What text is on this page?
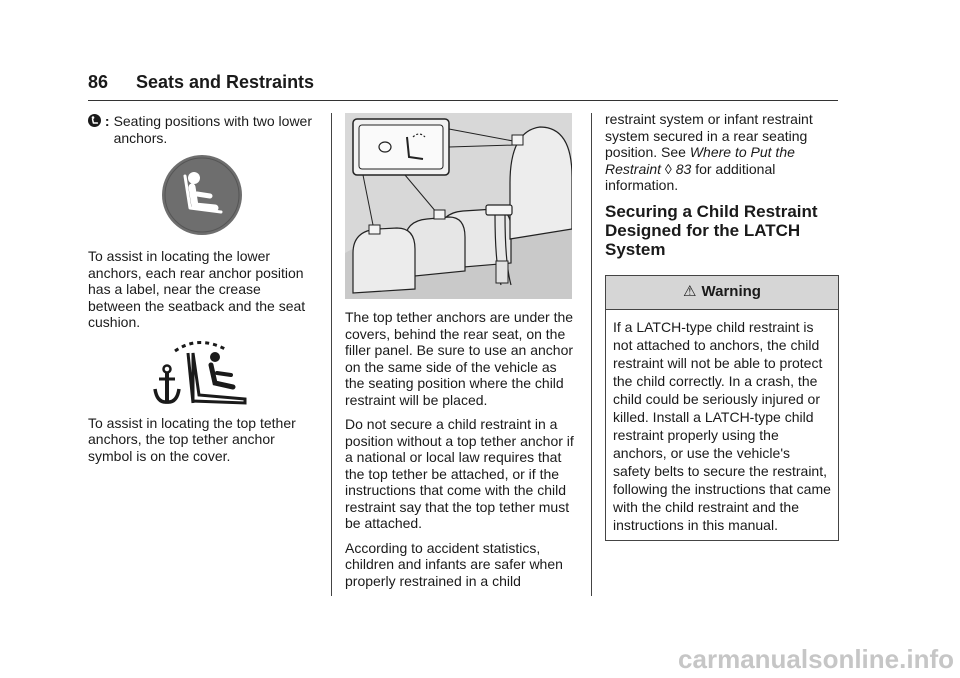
86 Seats and Restraints
: Seating positions with two lower anchors.

To assist in locating the lower anchors, each rear anchor position has a label, near the crease between the seatback and the seat cushion.

To assist in locating the top tether anchors, the top tether anchor symbol is on the cover.

The top tether anchors are under the covers, behind the rear seat, on the filler panel. Be sure to use an anchor on the same side of the vehicle as the seating position where the child restraint will be placed.

Do not secure a child restraint in a position without a top tether anchor if a national or local law requires that the top tether be attached, or if the instructions that come with the child restraint say that the top tether must be attached.

According to accident statistics, children and infants are safer when properly restrained in a child

restraint system or infant restraint system secured in a rear seating position. See Where to Put the Restraint ◊ 83 for additional information.

Securing a Child Restraint Designed for the LATCH System
⚠ Warning
If a LATCH-type child restraint is not attached to anchors, the child restraint will not be able to protect the child correctly. In a crash, the child could be seriously injured or killed. Install a LATCH-type child restraint properly using the anchors, or use the vehicle's safety belts to secure the restraint, following the instructions that came with the child restraint and the instructions in this manual.
carmanualsonline.info
